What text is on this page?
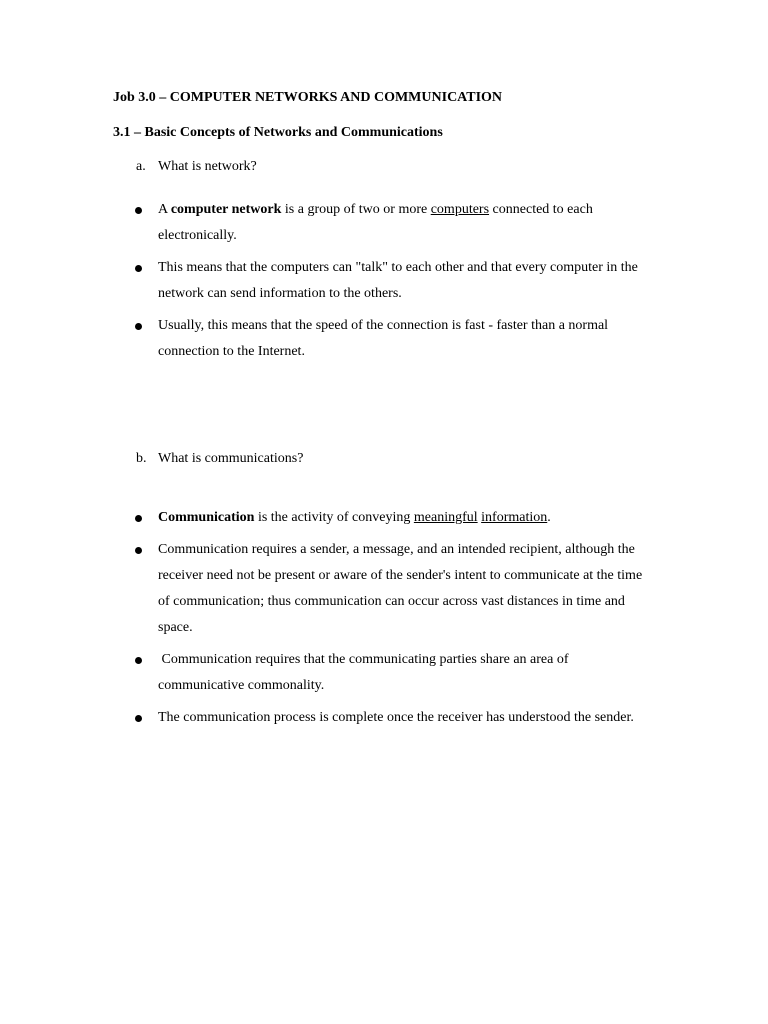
Job 3.0 – COMPUTER NETWORKS AND COMMUNICATION
3.1 – Basic Concepts of Networks and Communications
a. What is network?
A computer network is a group of two or more computers connected to each electronically.
This means that the computers can "talk" to each other and that every computer in the network can send information to the others.
Usually, this means that the speed of the connection is fast - faster than a normal connection to the Internet.
b. What is communications?
Communication is the activity of conveying meaningful information.
Communication requires a sender, a message, and an intended recipient, although the receiver need not be present or aware of the sender's intent to communicate at the time of communication; thus communication can occur across vast distances in time and space.
Communication requires that the communicating parties share an area of communicative commonality.
The communication process is complete once the receiver has understood the sender.
